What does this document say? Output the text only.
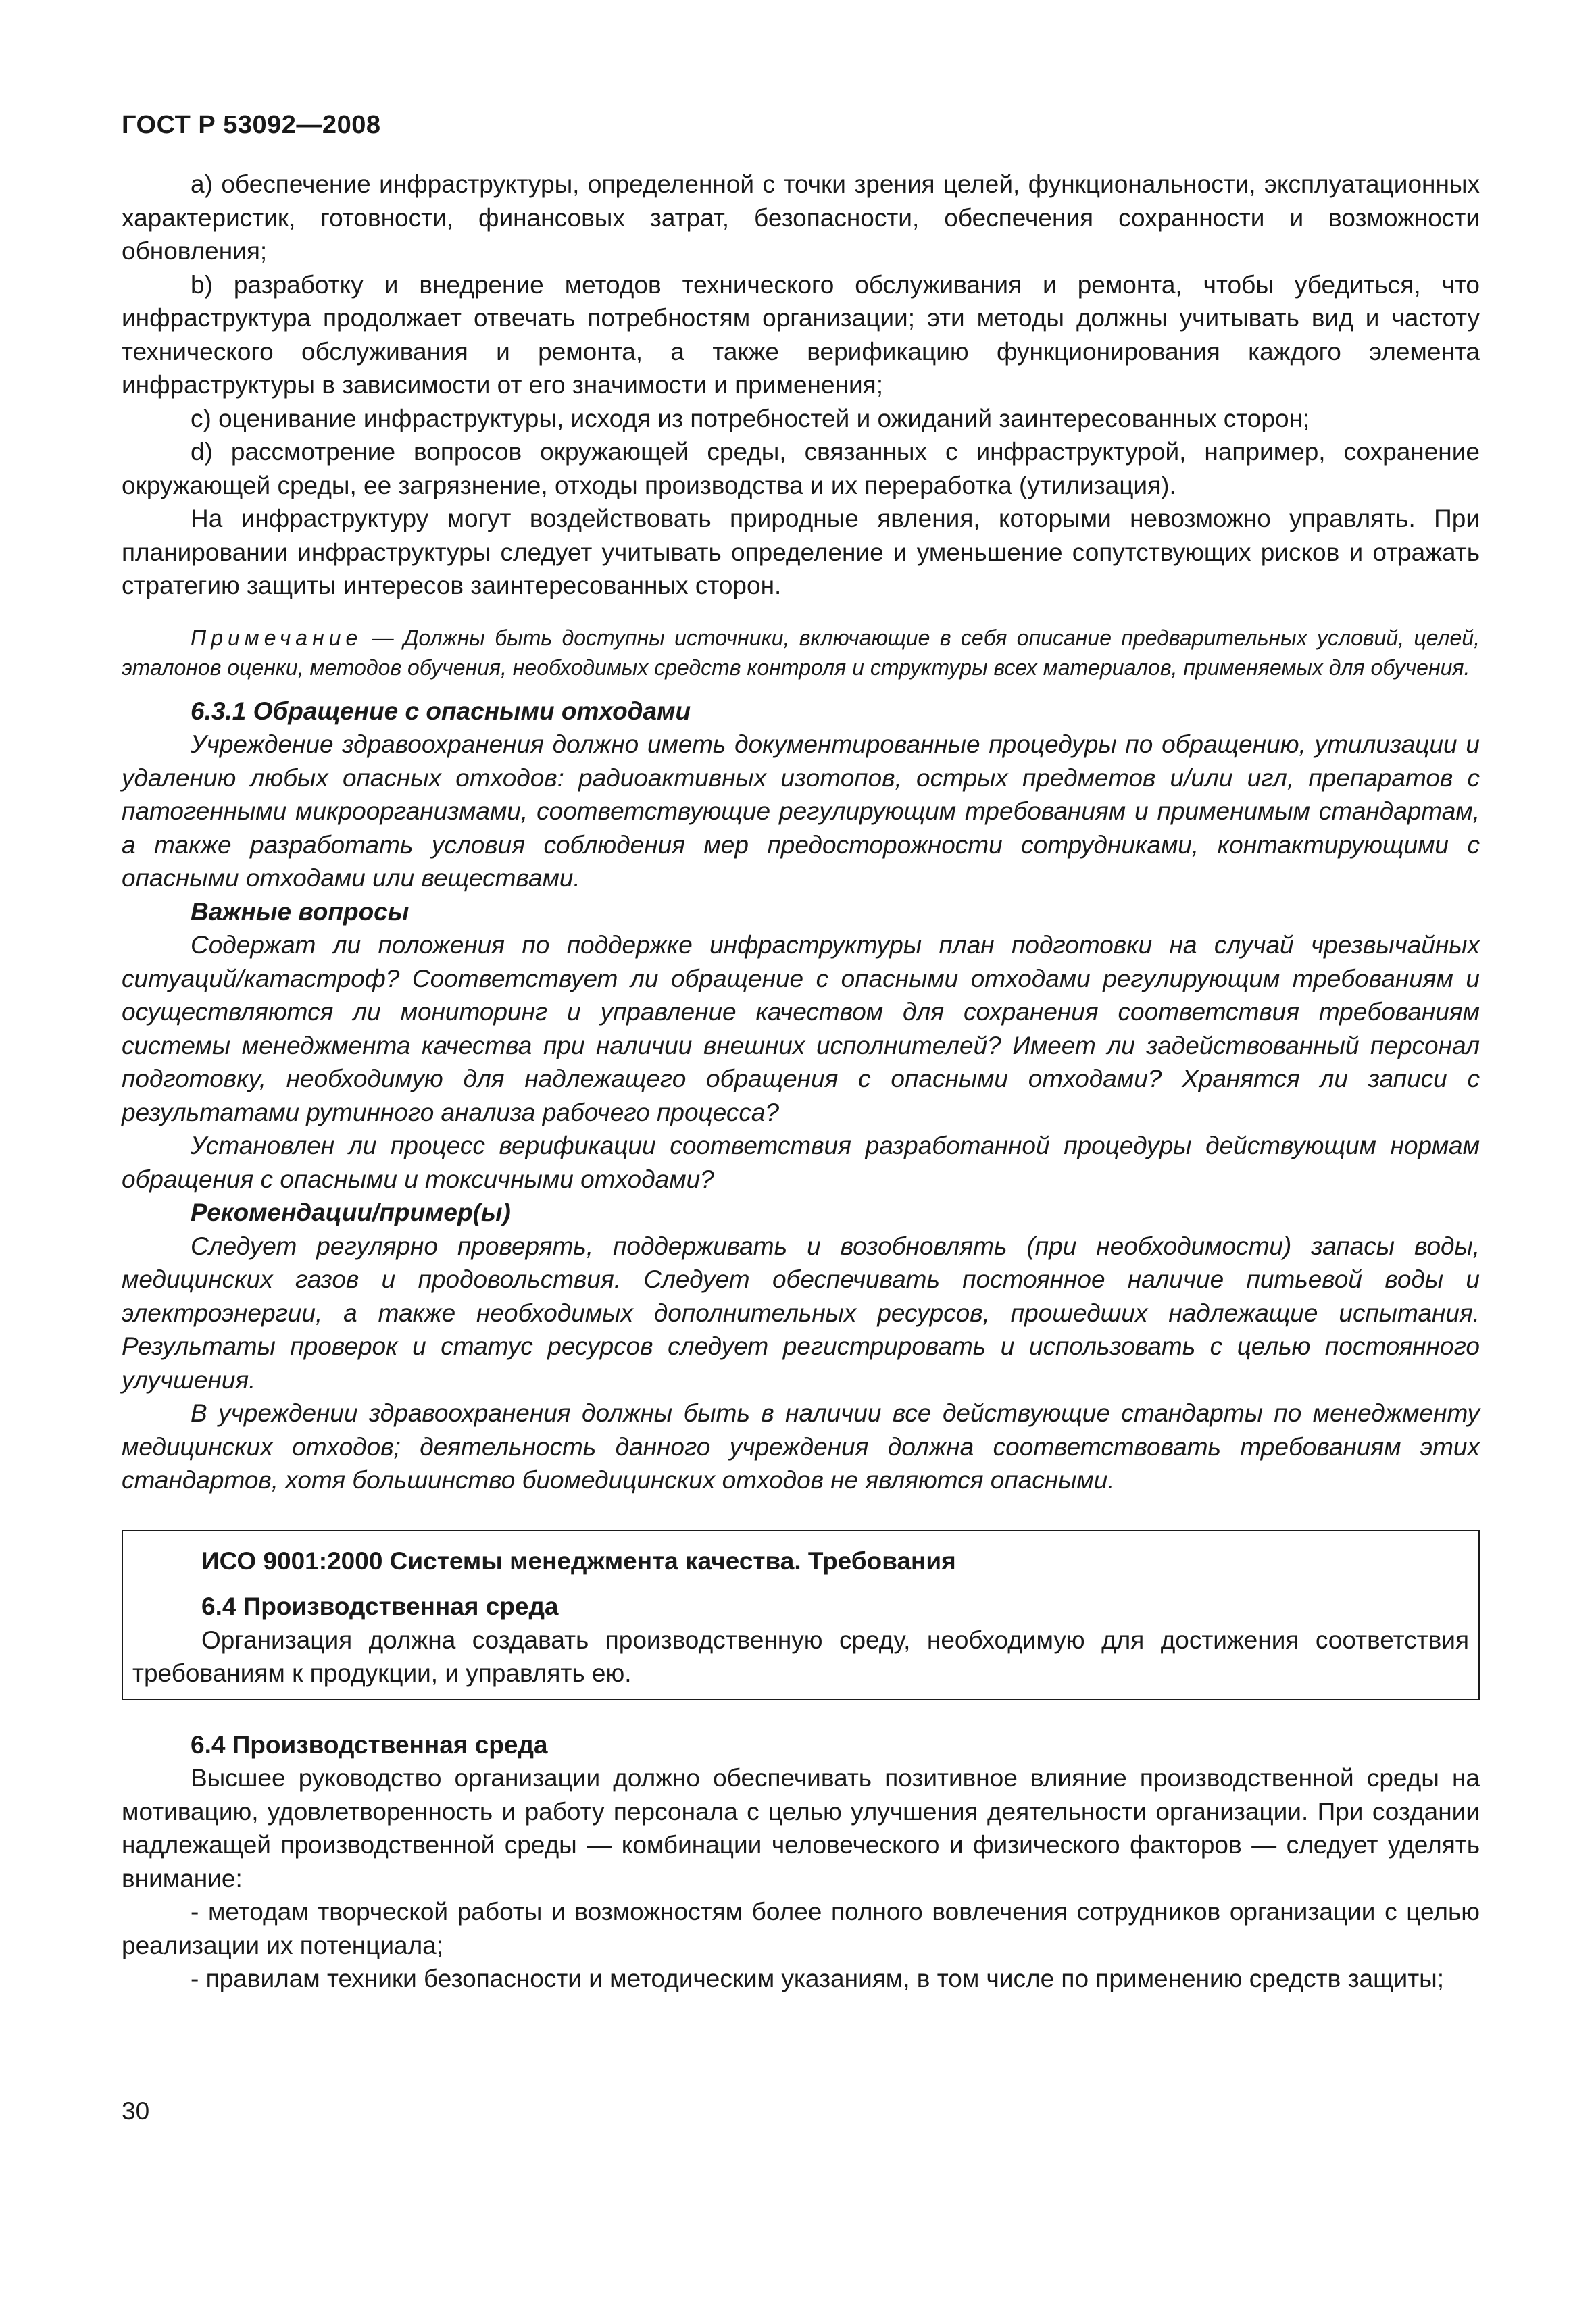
ГОСТ Р 53092—2008

а) обеспечение инфраструктуры, определенной с точки зрения целей, функциональности, эксплуатационных характеристик, готовности, финансовых затрат, безопасности, обеспечения сохранности и возможности обновления;

b) разработку и внедрение методов технического обслуживания и ремонта, чтобы убедиться, что инфраструктура продолжает отвечать потребностям организации; эти методы должны учитывать вид и частоту технического обслуживания и ремонта, а также верификацию функционирования каждого элемента инфраструктуры в зависимости от его значимости и применения;

с) оценивание инфраструктуры, исходя из потребностей и ожиданий заинтересованных сторон;

d) рассмотрение вопросов окружающей среды, связанных с инфраструктурой, например, сохранение окружающей среды, ее загрязнение, отходы производства и их переработка (утилизация).

На инфраструктуру могут воздействовать природные явления, которыми невозможно управлять. При планировании инфраструктуры следует учитывать определение и уменьшение сопутствующих рисков и отражать стратегию защиты интересов заинтересованных сторон.

Примечание — Должны быть доступны источники, включающие в себя описание предварительных условий, целей, эталонов оценки, методов обучения, необходимых средств контроля и структуры всех материалов, применяемых для обучения.
6.3.1 Обращение с опасными отходами

Учреждение здравоохранения должно иметь документированные процедуры по обращению, утилизации и удалению любых опасных отходов: радиоактивных изотопов, острых предметов и/или игл, препаратов с патогенными микроорганизмами, соответствующие регулирующим требованиям и применимым стандартам, а также разработать условия соблюдения мер предосторожности сотрудниками, контактирующими с опасными отходами или веществами.

Важные вопросы

Содержат ли положения по поддержке инфраструктуры план подготовки на случай чрезвычайных ситуаций/катастроф? Соответствует ли обращение с опасными отходами регулирующим требованиям и осуществляются ли мониторинг и управление качеством для сохранения соответствия требованиям системы менеджмента качества при наличии внешних исполнителей? Имеет ли задействованный персонал подготовку, необходимую для надлежащего обращения с опасными отходами? Хранятся ли записи с результатами рутинного анализа рабочего процесса?

Установлен ли процесс верификации соответствия разработанной процедуры действующим нормам обращения с опасными и токсичными отходами?

Рекомендации/пример(ы)

Следует регулярно проверять, поддерживать и возобновлять (при необходимости) запасы воды, медицинских газов и продовольствия. Следует обеспечивать постоянное наличие питьевой воды и электроэнергии, а также необходимых дополнительных ресурсов, прошедших надлежащие испытания. Результаты проверок и статус ресурсов следует регистрировать и использовать с целью постоянного улучшения.

В учреждении здравоохранения должны быть в наличии все действующие стандарты по менеджменту медицинских отходов; деятельность данного учреждения должна соответствовать требованиям этих стандартов, хотя большинство биомедицинских отходов не являются опасными.

ИСО 9001:2000 Системы менеджмента качества. Требования
6.4 Производственная среда

Организация должна создавать производственную среду, необходимую для достижения соответствия требованиям к продукции, и управлять ею.

6.4 Производственная среда

Высшее руководство организации должно обеспечивать позитивное влияние производственной среды на мотивацию, удовлетворенность и работу персонала с целью улучшения деятельности организации. При создании надлежащей производственной среды — комбинации человеческого и физического факторов — следует уделять внимание:

- методам творческой работы и возможностям более полного вовлечения сотрудников организации с целью реализации их потенциала;

- правилам техники безопасности и методическим указаниям, в том числе по применению средств защиты;

30
